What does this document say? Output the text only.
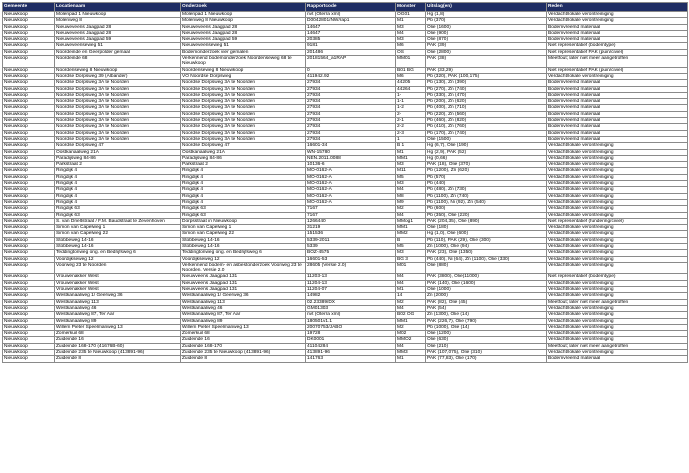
Gemeente	Locatienaam	Onderzoek	Rapportcode	Monster	Uitslag(en)	Reden
Nieuwkoop	Molenpad 1 Nieuwkoop	Molenpad 1 Nieuwkoop	nvt (Oterra xml)	OG01	Hg (1,8)	Verdacht/lokale verontreiniging
Nieuwkoop	Molenweg 8	Molenweg 8 Nieuwkoop	D0042801/NW/rap1	M1	Pb (370)	Verdacht/lokale verontreiniging
Nieuwkoop	Nieuweveens Jaagpad 28	Nieuweveens Jaagpad 28	14647	M3	Olie (1600)	Bodemvreemd materiaal
Nieuwkoop	Nieuweveens Jaagpad 28	Nieuweveens Jaagpad 28	14647	M4	Olie (900)	Bodemvreemd materiaal
Nieuwkoop	Nieuweveens Jaagpad 59	Nieuweveens Jaagpad 59	20385	M3	Olie (870)	Bodemvreemd materiaal
Nieuwkoop	Nieuweveenseweg 51	Nieuweveenseweg 51	9181	M6	PAK (39)	Niet representatief (bodemtype)
Nieuwkoop	Noordeinde en Geerpolder gemaal	Bodemonderzoek vier gemalen	201486	OS	Olie (2800)	Niet representatief PAK (puin/civiel)
Nieuwkoop	Noordeinde 68	Verkennend bodemonderzoek Noordenseweg 68 te Nieuwkoop	20181564_a1RAP	MM01	PAK (38)	Meetfout; later niet meer aangetroffen
Nieuwkoop	Noordenseweg 8 Nieuwkoop	Noordenseweg 8 Nieuwkoop	0	B01 BG	PAK (33,29)	Niet representatief PAK (puin/civiel)
Nieuwkoop	Noordse Dorpsweg 39 (Albander)	VO Noordse Dorpsweg	411942.92	M6	Pb (320), PAK (100,175)	Verdacht/lokale verontreiniging
Nieuwkoop	Noordse Dorpsweg 3A te Noorden	Noordse Dorpsweg 3A te Noorden	27934	44205	Pb (130), Zn (390)	Bodemvreemd materiaal
Nieuwkoop	Noordse Dorpsweg 3A te Noorden	Noordse Dorpsweg 3A te Noorden	27934	44264	Pb (270), Zn (740)	Bodemvreemd materiaal
Nieuwkoop	Noordse Dorpsweg 3A te Noorden	Noordse Dorpsweg 3A te Noorden	27934	1-	Pb (330), Zn (470)	Bodemvreemd materiaal
Nieuwkoop	Noordse Dorpsweg 3A te Noorden	Noordse Dorpsweg 3A te Noorden	27934	1-1	Pb (200), Zn (620)	Bodemvreemd materiaal
Nieuwkoop	Noordse Dorpsweg 3A te Noorden	Noordse Dorpsweg 3A te Noorden	27934	1-2	Pb (400), Zn (710)	Bodemvreemd materiaal
Nieuwkoop	Noordse Dorpsweg 3A te Noorden	Noordse Dorpsweg 3A te Noorden	27934	2-	Pb (220), Zn (560)	Bodemvreemd materiaal
Nieuwkoop	Noordse Dorpsweg 3A te Noorden	Noordse Dorpsweg 3A te Noorden	27934	2-1	Pb (460), Zn (820)	Bodemvreemd materiaal
Nieuwkoop	Noordse Dorpsweg 3A te Noorden	Noordse Dorpsweg 3A te Noorden	27934	2-2	Pb (410), Zn (760)	Bodemvreemd materiaal
Nieuwkoop	Noordse Dorpsweg 3A te Noorden	Noordse Dorpsweg 3A te Noorden	27934	2-3	Pb (170), Zn (740)	Bodemvreemd materiaal
Nieuwkoop	Noordse Dorpsweg 3A te Noorden	Noordse Dorpsweg 3A te Noorden	27934	1	Olie (1500)	Bodemvreemd materiaal
Nieuwkoop	Noordse Dorpsweg 47	Noordse Dorpsweg 47	16601-34	B 1	Hg (6,7), Olie (190)	Verdacht/lokale verontreiniging
Nieuwkoop	Oostkanaalweg 21A	Oostkanaalweg 21A	WN-15780	M1	Hg (2,9), PAK (52)	Verdacht/lokale verontreiniging
Nieuwkoop	Paradijsweg 84-86	Paradijsweg 84-86	NEN.2011.0088	MM1	Hg (0,66)	Verdacht/lokale verontreiniging
Nieuwkoop	Parkstraat 2	Parkstraat 2	10136-6	M3	PAK (18), Olie (370)	Verdacht/lokale verontreiniging
Nieuwkoop	Ringdijk 4	Ringdijk 4	MO-0162-A	M11	Pb (1200), Zn (620)	Verdacht/lokale verontreiniging
Nieuwkoop	Ringdijk 4	Ringdijk 4	MO-0162-A	M5	Pb (570)	Verdacht/lokale verontreiniging
Nieuwkoop	Ringdijk 4	Ringdijk 4	MO-0162-A	M3	Pb (440)	Verdacht/lokale verontreiniging
Nieuwkoop	Ringdijk 4	Ringdijk 4	MO-0162-A	M4	Pb (480), Zn (730)	Verdacht/lokale verontreiniging
Nieuwkoop	Ringdijk 4	Ringdijk 4	MO-0162-A	M8	Pb (1100), Zn (740)	Verdacht/lokale verontreiniging
Nieuwkoop	Ringdijk 4	Ringdijk 4	MO-0162-A	M9	Pb (1100), Ni (92), Zn (540)	Verdacht/lokale verontreiniging
Nieuwkoop	Ringdijk 63	Ringdijk 63	7167	M2	Pb (600)	Verdacht/lokale verontreiniging
Nieuwkoop	Ringdijk 63	Ringdijk 63	7167	M4	Pb (350), Olie (220)	Verdacht/lokale verontreiniging
Nieuwkoop	S. van Drieltstraat / F.M. Baudstraat te Zevenhoven	Dorpsstraat in Nieuwkoop	1266440	MMog1	PAK (204,35), Olie (890)	Niet representatief (fundering/civiel)
Nieuwkoop	Simon van Capelweg 1	Simon van Capelweg 1	31219	MM1	Olie (180)	Verdacht/lokale verontreiniging
Nieuwkoop	Simon van Capelweg 22	Simon van Capelweg 22	151536	MM2	Hg (1,0), Olie (600)	Verdacht/lokale verontreiniging
Nieuwkoop	Stobbeweg 14-16	Stobbeweg 14-16	5339-2011	B	Pb (110), PAK (29), Olie (300)	Verdacht/lokale verontreiniging
Nieuwkoop	Stobbeweg 14-16	Stobbeweg 14-16	5339	M5	Zn (1000), Olie (94)	Verdacht/lokale verontreiniging
Nieuwkoop	Teddingtonweg ong. en Bedrijfsweg 6	Teddingtonweg ong. en Bedrijfsweg 6	BOZ-4575	M3	PAK (23), Olie (1350)	Verdacht/lokale verontreiniging
Nieuwkoop	Voordijkseweg 12	Voordijkseweg 12	16601-53	BG 3	Pb (440), Ni (64), Zn (1100), Olie (330)	Verdacht/lokale verontreiniging
Nieuwkoop	Voorweg 23 te Noorden	Verkennend bodem- en asbestonderzoek Voorweg 23 te Noorden. Versie 2.0	28605 (Versie 2.0)	M01	Olie (880)	Verdacht/lokale verontreiniging
Nieuwkoop	Vrouwenakker West	Nieuwveens Jaagpad 131	11203-13	M4	PAK (3800), Olie(11000)	Niet representatief (bodemtype)
Nieuwkoop	Vrouwenakker West	Nieuwveens Jaagpad 131	11204-13	M4	PAK (140), Olie (1600)	Verdacht/lokale verontreiniging
Nieuwkoop	Vrouwenakker West	Nieuwveens Jaagpad 131	11204-07	M1	Olie (1000)	Verdacht/lokale verontreiniging
Nieuwkoop	Westkanaalweg 1/ Geerweg 36	Westkanaalweg 1/ Geerweg 36	14982	14	Zn (2000)	Verdacht/lokale verontreiniging
Nieuwkoop	Westkanaalweg 113	Westkanaalweg 113	02.23389/DX	M2	PAK (82), Olie (45)	Meetfout; later niet meer aangetroffen
Nieuwkoop	Westkanaalweg 46	Westkanaalweg 46	GM01303	M4	PAK (54)	Verdacht/lokale verontreiniging
Nieuwkoop	Westkanaalweg 87, Ter Aar	Westkanaalweg 87, Ter Aar	nvt (Oterra xml)	B02 OG	Zn (1300), Olie (14)	Verdacht/lokale verontreiniging
Nieuwkoop	Westkanaalweg 89	Westkanaalweg 89	180501v1.1	MM1	PAK (226,7), Olie (790)	Verdacht/lokale verontreiniging
Nieuwkoop	Willem Pieter Speelmanweg 13	Willem Pieter Speelmanweg 13	20070753/JABO	M2	Pb (1000), Olie (14)	Verdacht/lokale verontreiniging
Nieuwkoop	Zomerkuil 68	Zomerkuil 68	19728	M02	Olie (1200)	Verdacht/lokale verontreiniging
Nieuwkoop	Zuideinde 16	Zuideinde 16	DK0001	MMO2	Olie (630)	Verdacht/lokale verontreiniging
Nieuwkoop	Zuideinde 168-170 (41676B-60)	Zuideinde 168-170	41104284	M4	Olie (210)	Meetfout; later niet meer aangetroffen
Nieuwkoop	Zuideinde 235 te Nieuwkoop (413891-96)	Zuideinde 235 te Nieuwkoop (413891-96)	413891-96	MM3	PAK (107,075), Olie (310)	Verdacht/lokale verontreiniging
Nieuwkoop	Zuideinde 8	Zuideinde 8	141763	M1	PAK (77,83), Olie (170)	Bodemvreemd materiaal
